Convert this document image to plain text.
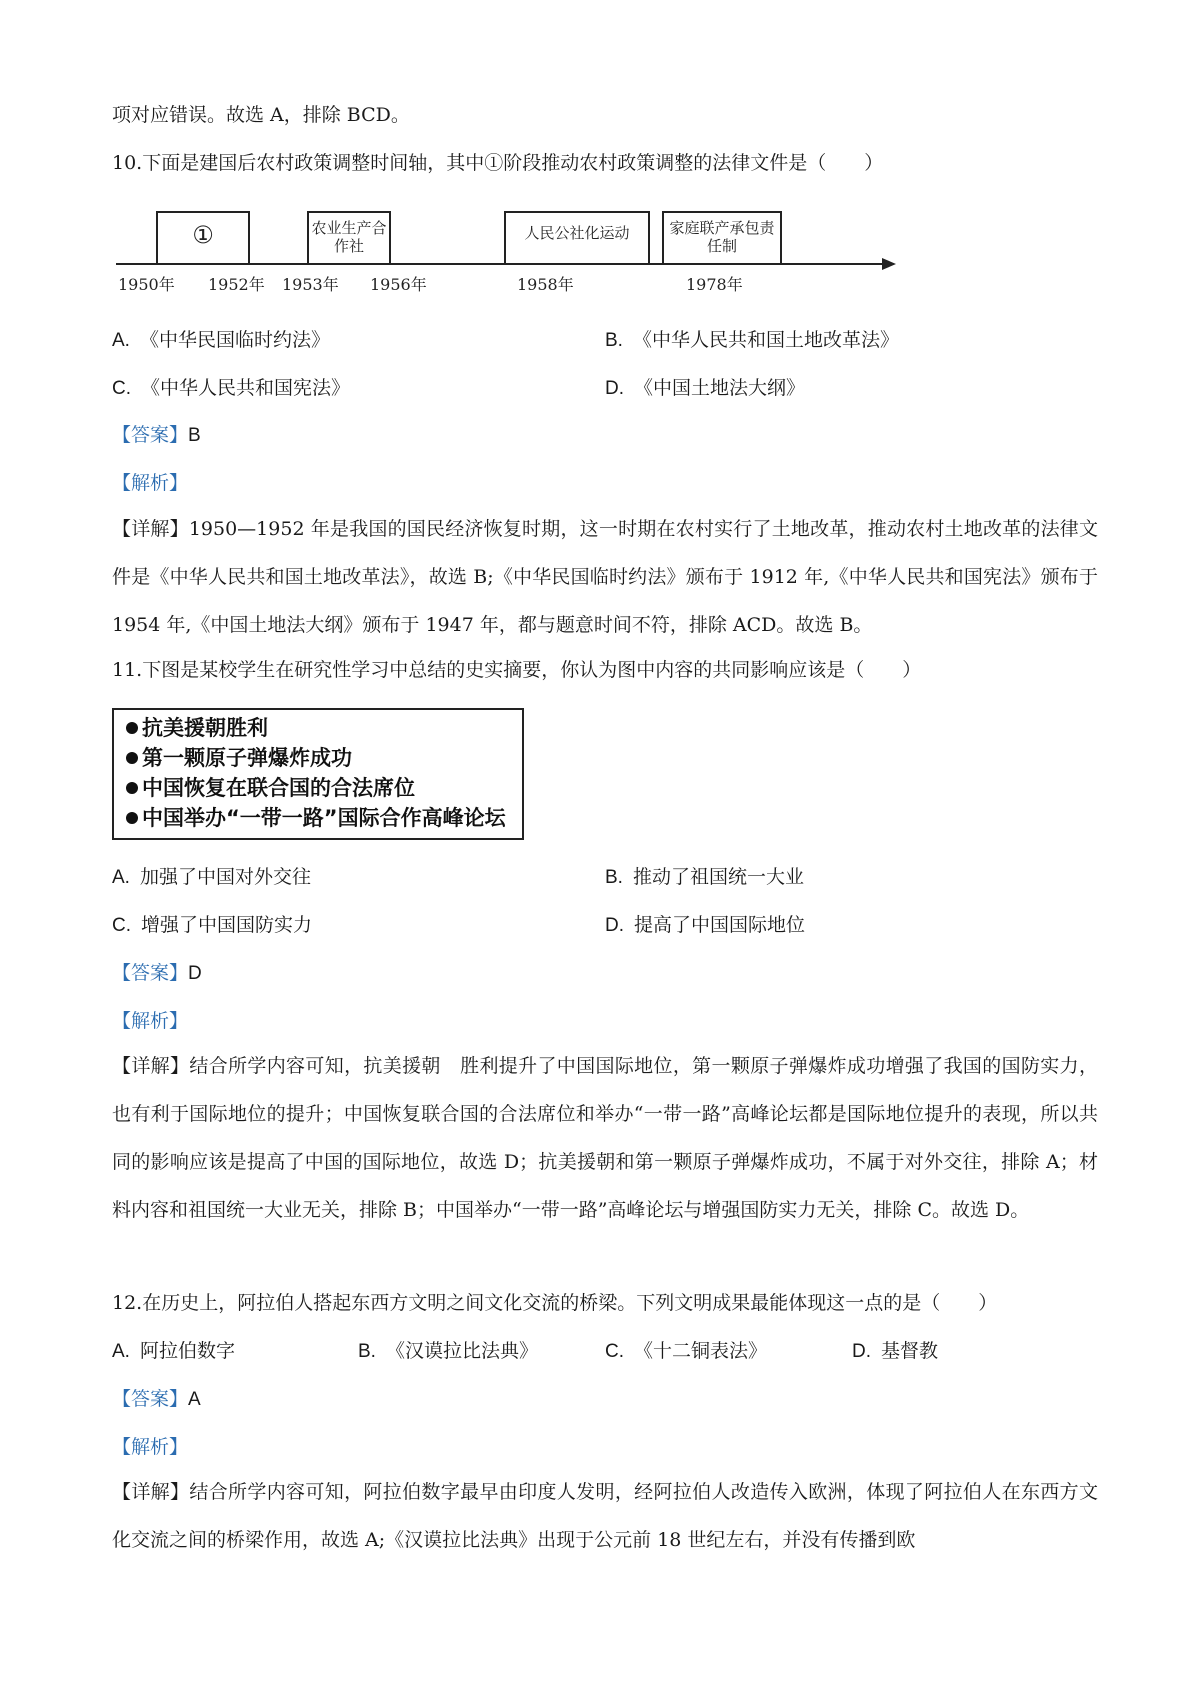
项对应错误。故选 A，排除 BCD。
10.下面是建国后农村政策调整时间轴，其中①阶段推动农村政策调整的法律文件是（　　）
①	农业生产合作社
人民公社化运动	家庭联产承包责任制
1950年 1952年 1953年 1956年	1958年	1978年
A. 《中华民国临时约法》	B. 《中华人民共和国土地改革法》
C. 《中华人民共和国宪法》	D. 《中国土地法大纲》
【答案】B
【解析】
【详解】1950—1952 年是我国的国民经济恢复时期，这一时期在农村实行了土地改革，推动农村土地改革的法律文件是《中华人民共和国土地改革法》，故选 B;《中华民国临时约法》颁布于 1912 年,《中华人民共和国宪法》颁布于 1954 年,《中国土地法大纲》颁布于 1947 年，都与题意时间不符，排除 ACD。故选 B。
11.下图是某校学生在研究性学习中总结的史实摘要，你认为图中内容的共同影响应该是（　　）
抗美援朝胜利
第一颗原子弹爆炸成功
中国恢复在联合国的合法席位
中国举办“一带一路”国际合作高峰论坛
A. 加强了中国对外交往	B. 推动了祖国统一大业
C. 增强了中国国防实力	D. 提高了中国国际地位
【答案】D
【解析】
【详解】结合所学内容可知，抗美援朝　胜利提升了中国国际地位，第一颗原子弹爆炸成功增强了我国的国防实力，也有利于国际地位的提升；中国恢复联合国的合法席位和举办“一带一路”高峰论坛都是国际地位提升的表现，所以共同的影响应该是提高了中国的国际地位，故选 D；抗美援朝和第一颗原子弹爆炸成功，不属于对外交往，排除 A；材料内容和祖国统一大业无关，排除 B；中国举办“一带一路”高峰论坛与增强国防实力无关，排除 C。故选 D。
12.在历史上，阿拉伯人搭起东西方文明之间文化交流的桥梁。下列文明成果最能体现这一点的是（　　）
A. 阿拉伯数字	B. 《汉谟拉比法典》	C. 《十二铜表法》	D. 基督教
【答案】A
【解析】
【详解】结合所学内容可知，阿拉伯数字最早由印度人发明，经阿拉伯人改造传入欧洲，体现了阿拉伯人在东西方文化交流之间的桥梁作用，故选 A;《汉谟拉比法典》出现于公元前 18 世纪左右，并没有传播到欧
